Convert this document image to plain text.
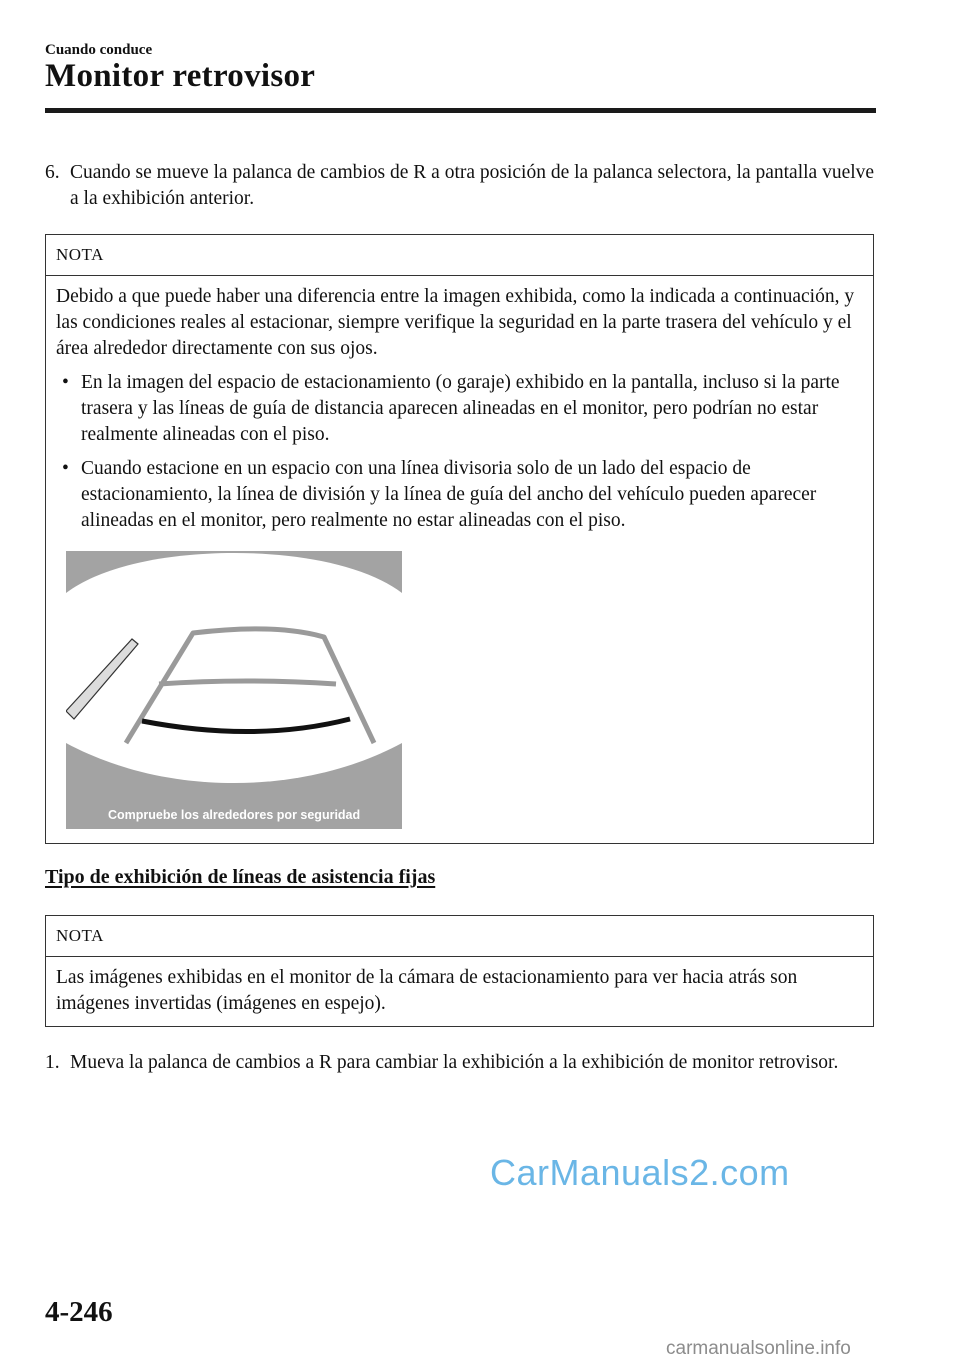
Cuando conduce
Monitor retrovisor
6. Cuando se mueve la palanca de cambios de R a otra posición de la palanca selectora, la pantalla vuelve a la exhibición anterior.
NOTA
Debido a que puede haber una diferencia entre la imagen exhibida, como la indicada a continuación, y las condiciones reales al estacionar, siempre verifique la seguridad en la parte trasera del vehículo y el área alrededor directamente con sus ojos.
• En la imagen del espacio de estacionamiento (o garaje) exhibido en la pantalla, incluso si la parte trasera y las líneas de guía de distancia aparecen alineadas en el monitor, pero podrían no estar realmente alineadas con el piso.
• Cuando estacione en un espacio con una línea divisoria solo de un lado del espacio de estacionamiento, la línea de división y la línea de guía del ancho del vehículo pueden aparecer alineadas en el monitor, pero realmente no estar alineadas con el piso.
Compruebe los alrededores por seguridad
Tipo de exhibición de líneas de asistencia fijas
NOTA
Las imágenes exhibidas en el monitor de la cámara de estacionamiento para ver hacia atrás son imágenes invertidas (imágenes en espejo).
1. Mueva la palanca de cambios a R para cambiar la exhibición a la exhibición de monitor retrovisor.
CarManuals2.com
4-246
carmanualsonline.info
